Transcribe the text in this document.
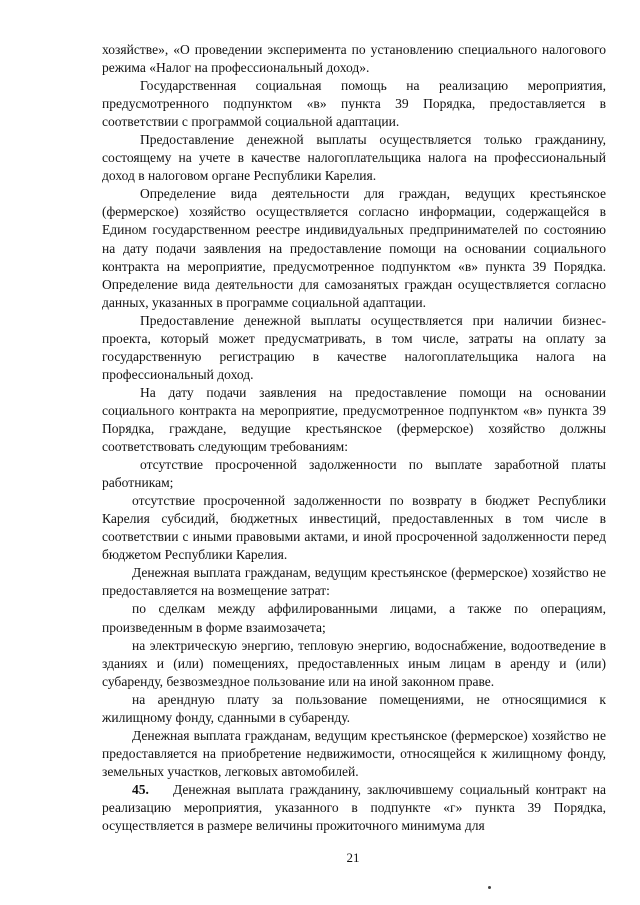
хозяйстве», «О проведении эксперимента по установлению специального налогового режима «Налог на профессиональный доход».

Государственная социальная помощь на реализацию мероприятия, предусмотренного подпунктом «в» пункта 39 Порядка, предоставляется в соответствии с программой социальной адаптации.

Предоставление денежной выплаты осуществляется только гражданину, состоящему на учете в качестве налогоплательщика налога на профессиональный доход в налоговом органе Республики Карелия.

Определение вида деятельности для граждан, ведущих крестьянское (фермерское) хозяйство осуществляется согласно информации, содержащейся в Едином государственном реестре индивидуальных предпринимателей по состоянию на дату подачи заявления на предоставление помощи на основании социального контракта на мероприятие, предусмотренное подпунктом «в» пункта 39 Порядка. Определение вида деятельности для самозанятых граждан осуществляется согласно данных, указанных в программе социальной адаптации.

Предоставление денежной выплаты осуществляется при наличии бизнес-проекта, который может предусматривать, в том числе, затраты на оплату за государственную регистрацию в качестве налогоплательщика налога на профессиональный доход.

На дату подачи заявления на предоставление помощи на основании социального контракта на мероприятие, предусмотренное подпунктом «в» пункта 39 Порядка, граждане, ведущие крестьянское (фермерское) хозяйство должны соответствовать следующим требованиям:

отсутствие просроченной задолженности по выплате заработной платы работникам;

отсутствие просроченной задолженности по возврату в бюджет Республики Карелия субсидий, бюджетных инвестиций, предоставленных в том числе в соответствии с иными правовыми актами, и иной просроченной задолженности перед бюджетом Республики Карелия.

Денежная выплата гражданам, ведущим крестьянское (фермерское) хозяйство не предоставляется на возмещение затрат:

по сделкам между аффилированными лицами, а также по операциям, произведенным в форме взаимозачета;

на электрическую энергию, тепловую энергию, водоснабжение, водоотведение в зданиях и (или) помещениях, предоставленных иным лицам в аренду и (или) субаренду, безвозмездное пользование или на иной законном праве.

на арендную плату за пользование помещениями, не относящимися к жилищному фонду, сданными в субаренду.

Денежная выплата гражданам, ведущим крестьянское (фермерское) хозяйство не предоставляется на приобретение недвижимости, относящейся к жилищному фонду, земельных участков, легковых автомобилей.

45. Денежная выплата гражданину, заключившему социальный контракт на реализацию мероприятия, указанного в подпункте «г» пункта 39 Порядка, осуществляется в размере величины прожиточного минимума для

21
